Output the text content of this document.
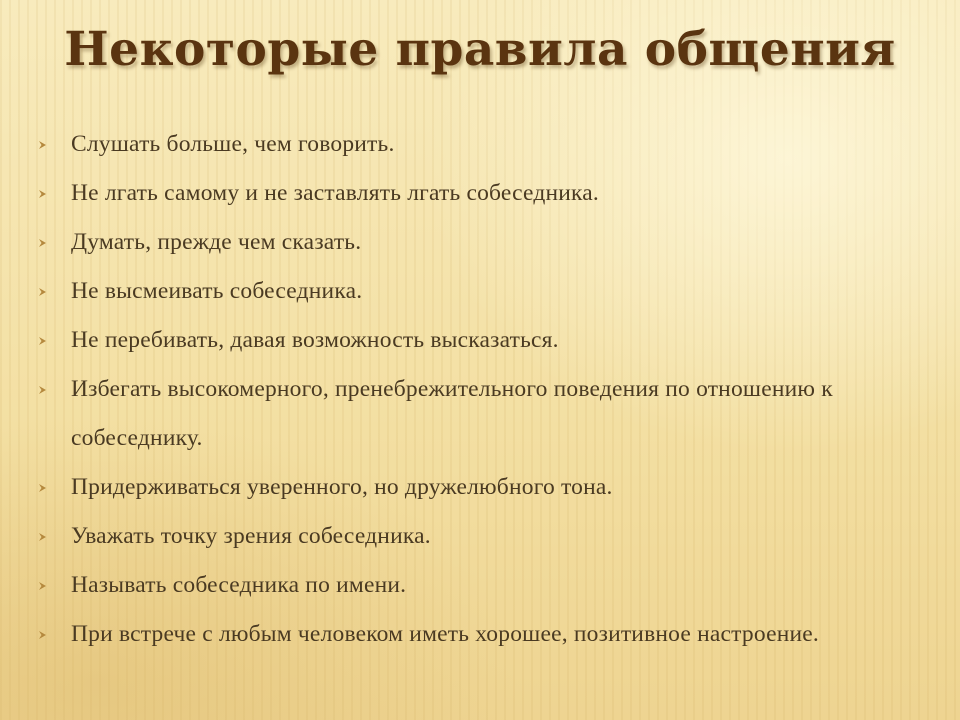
Некоторые правила общения
Слушать больше, чем говорить.
Не лгать самому и не заставлять лгать собеседника.
Думать, прежде чем сказать.
Не высмеивать собеседника.
Не перебивать, давая возможность высказаться.
Избегать высокомерного, пренебрежительного поведения по отношению к собеседнику.
Придерживаться уверенного, но дружелюбного тона.
Уважать точку зрения собеседника.
Называть собеседника по имени.
При встрече с любым человеком иметь хорошее, позитивное настроение.
